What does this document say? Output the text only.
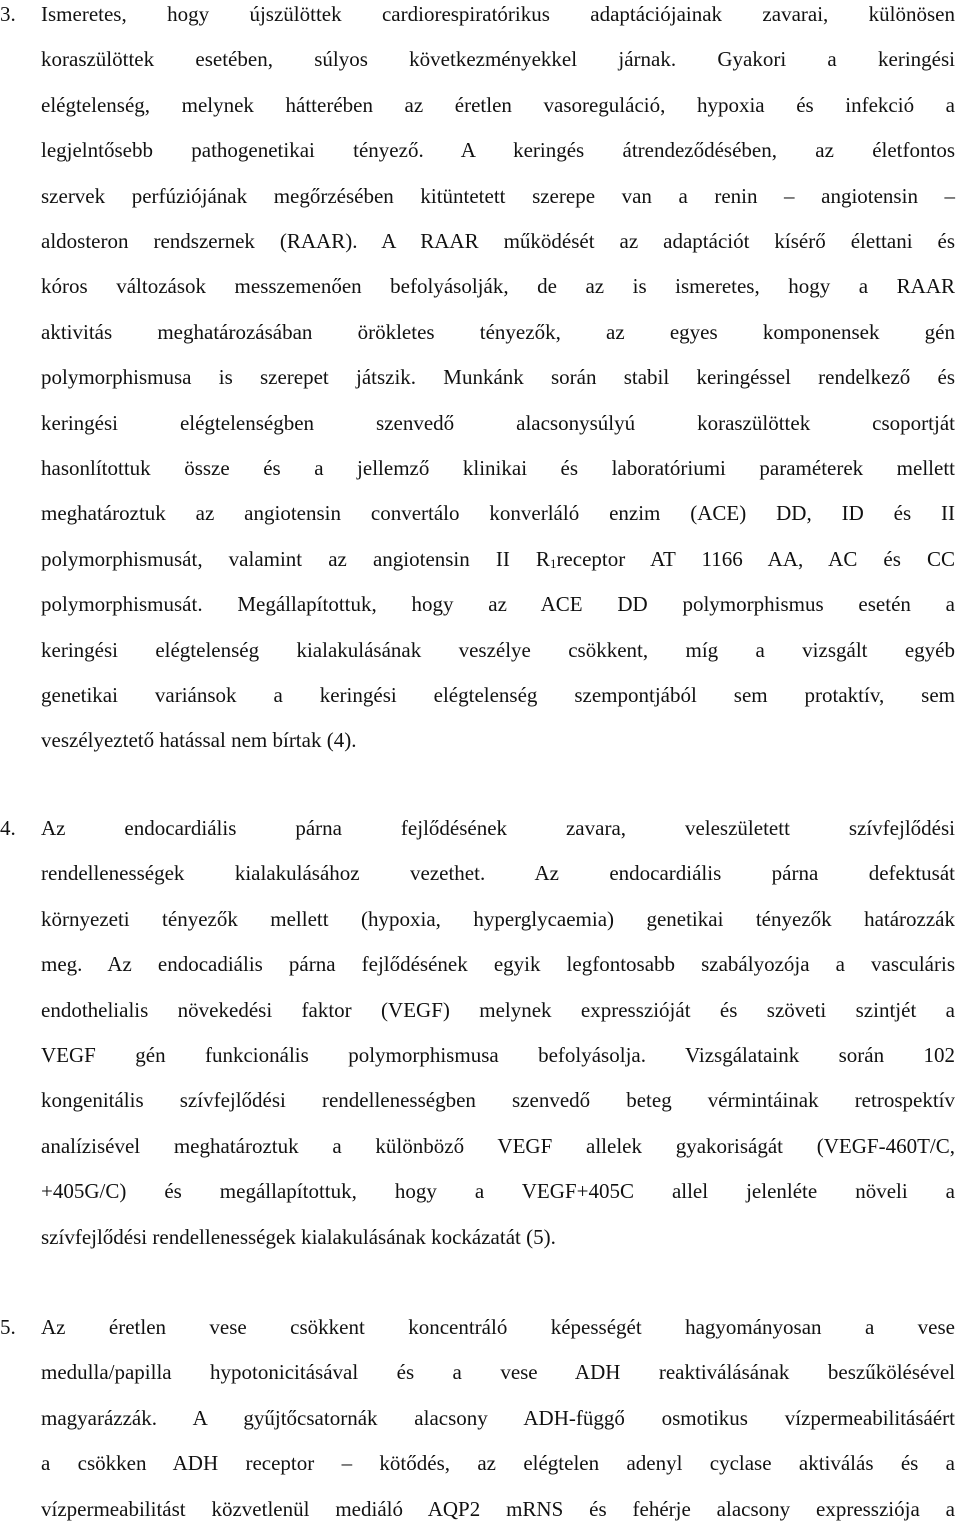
3. Ismeretes, hogy újszülöttek cardiorespiratórikus adaptációjainak zavarai, különösen
koraszülöttek esetében, súlyos következményekkel járnak. Gyakori a keringési
elégtelenség, melynek hátterében az éretlen vasoreguláció, hypoxia és infekció a
legjelntősebb pathogenetikai tényező. A keringés átrendeződésében, az életfontos
szervek perfúziójának megőrzésében kitüntetett szerepe van a renin – angiotensin –
aldosteron rendszernek (RAAR). A RAAR működését az adaptációt kísérő élettani és
kóros változások messzemenően befolyásolják, de az is ismeretes, hogy a RAAR
aktivitás meghatározásában örökletes tényezők, az egyes komponensek gén
polymorphismusa is szerepet játszik. Munkánk során stabil keringéssel rendelkező és
keringési elégtelenségben szenvedő alacsonysúlyú koraszülöttek csoportját
hasonlítottuk össze és a jellemző klinikai és laboratóriumi paraméterek mellett
meghatároztuk az angiotensin convertálo konverláló enzim (ACE) DD, ID és II
polymorphismusát, valamint az angiotensin II $R_1receptor$ AT 1166 AA, AC és CC
polymorphismusát. Megállapítottuk, hogy az ACE DD polymorphismus esetén a
keringési elégtelenség kialakulásának veszélye csökkent, míg a vizsgált egyéb
genetikai variánsok a keringési elégtelenség szempontjából sem protaktív, sem
veszélyeztető hatással nem bírtak (4).
4. Az endocardiális párna fejlődésének zavara, veleszületett szívfejlődési
rendellenességek kialakulásához vezethet. Az endocardiális párna defektusát
környezeti tényezők mellett (hypoxia, hyperglycaemia) genetikai tényezők határozzák
meg. Az endocadiális párna fejlődésének egyik legfontosabb szabályozója a vasculáris
endothelialis növekedési faktor (VEGF) melynek expresszióját és szöveti szintjét a
VEGF gén funkcionális polymorphismusa befolyásolja. Vizsgálataink során 102
kongenitális szívfejlődési rendellenességben szenvedő beteg vérmintáinak retrospektív
analízisével meghatároztuk a különböző VEGF allelek gyakoriságát (VEGF-460T/C,
+405G/C) és megállapítottuk, hogy a VEGF+405C allel jelenléte növeli a
szívfejlődési rendellenességek kialakulásának kockázatát (5).
5. Az éretlen vese csökkent koncentráló képességét hagyományosan a vese
medulla/papilla hypotonicitásával és a vese ADH reaktiválásának beszűkölésével
magyarázzák. A gyűjtőcsatornák alacsony ADH-függő osmotikus vízpermeabilitásáért
a csökken ADH receptor – kötődés, az elégtelen adenyl cyclase aktiválás és a
vízpermeabilitást közvetlenül mediáló AQP2 mRNS és fehérje alacsony expressziója a
